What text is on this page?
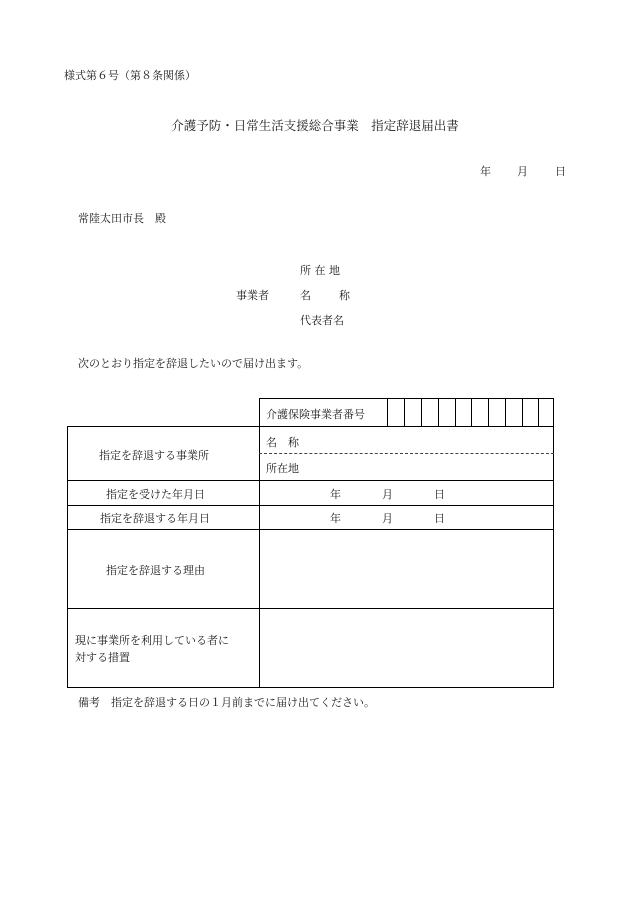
様式第６号（第８条関係）
介護予防・日常生活支援総合事業　指定辞退届出書
年 月 日
常陸太田市長　殿
所 在 地
事業者	名	称
代表者名
次のとおり指定を辞退したいので届け出ます。
介護保険事業者番号
指定を辞退する事業所
名　称
所在地
指定を受けた年月日	年	月	日
指定を辞退する年月日	年	月	日
指定を辞退する理由
現に事業所を利用している者に
対する措置
備考　指定を辞退する日の１月前までに届け出てください。
